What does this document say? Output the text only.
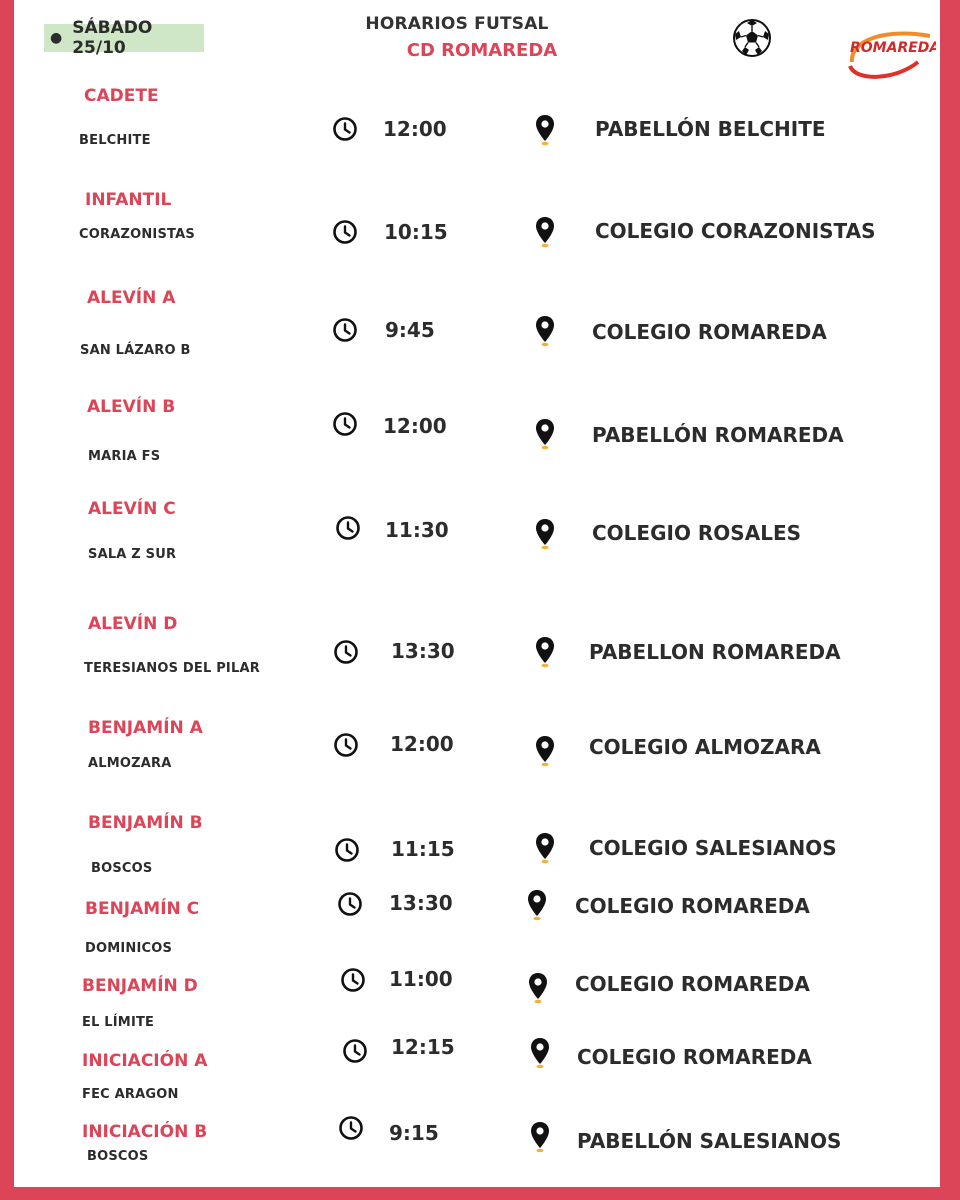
● SÁBADO 25/10
HORARIOS FUTSAL
CD ROMAREDA	ROMAREDA
CADETE
BELCHITE	12:00	PABELLÓN BELCHITE
INFANTIL
CORAZONISTAS	10:15	COLEGIO CORAZONISTAS
ALEVÍN A
SAN LÁZARO B
9:45	COLEGIO ROMAREDA
ALEVÍN B
MARIA FS
12:00	PABELLÓN ROMAREDA
ALEVÍN C
SALA Z SUR
11:30	COLEGIO ROSALES
ALEVÍN D
TERESIANOS DEL PILAR
13:30	PABELLON ROMAREDA
BENJAMÍN A
ALMOZARA
12:00	COLEGIO ALMOZARA
BENJAMÍN B
BOSCOS
11:15	COLEGIO SALESIANOS
BENJAMÍN C
DOMINICOS
13:30	COLEGIO ROMAREDA
BENJAMÍN D
EL LÍMITE
11:00	COLEGIO ROMAREDA
INICIACIÓN A
FEC ARAGON
12:15	COLEGIO ROMAREDA
INICIACIÓN B
BOSCOS
9:15	PABELLÓN SALESIANOS
